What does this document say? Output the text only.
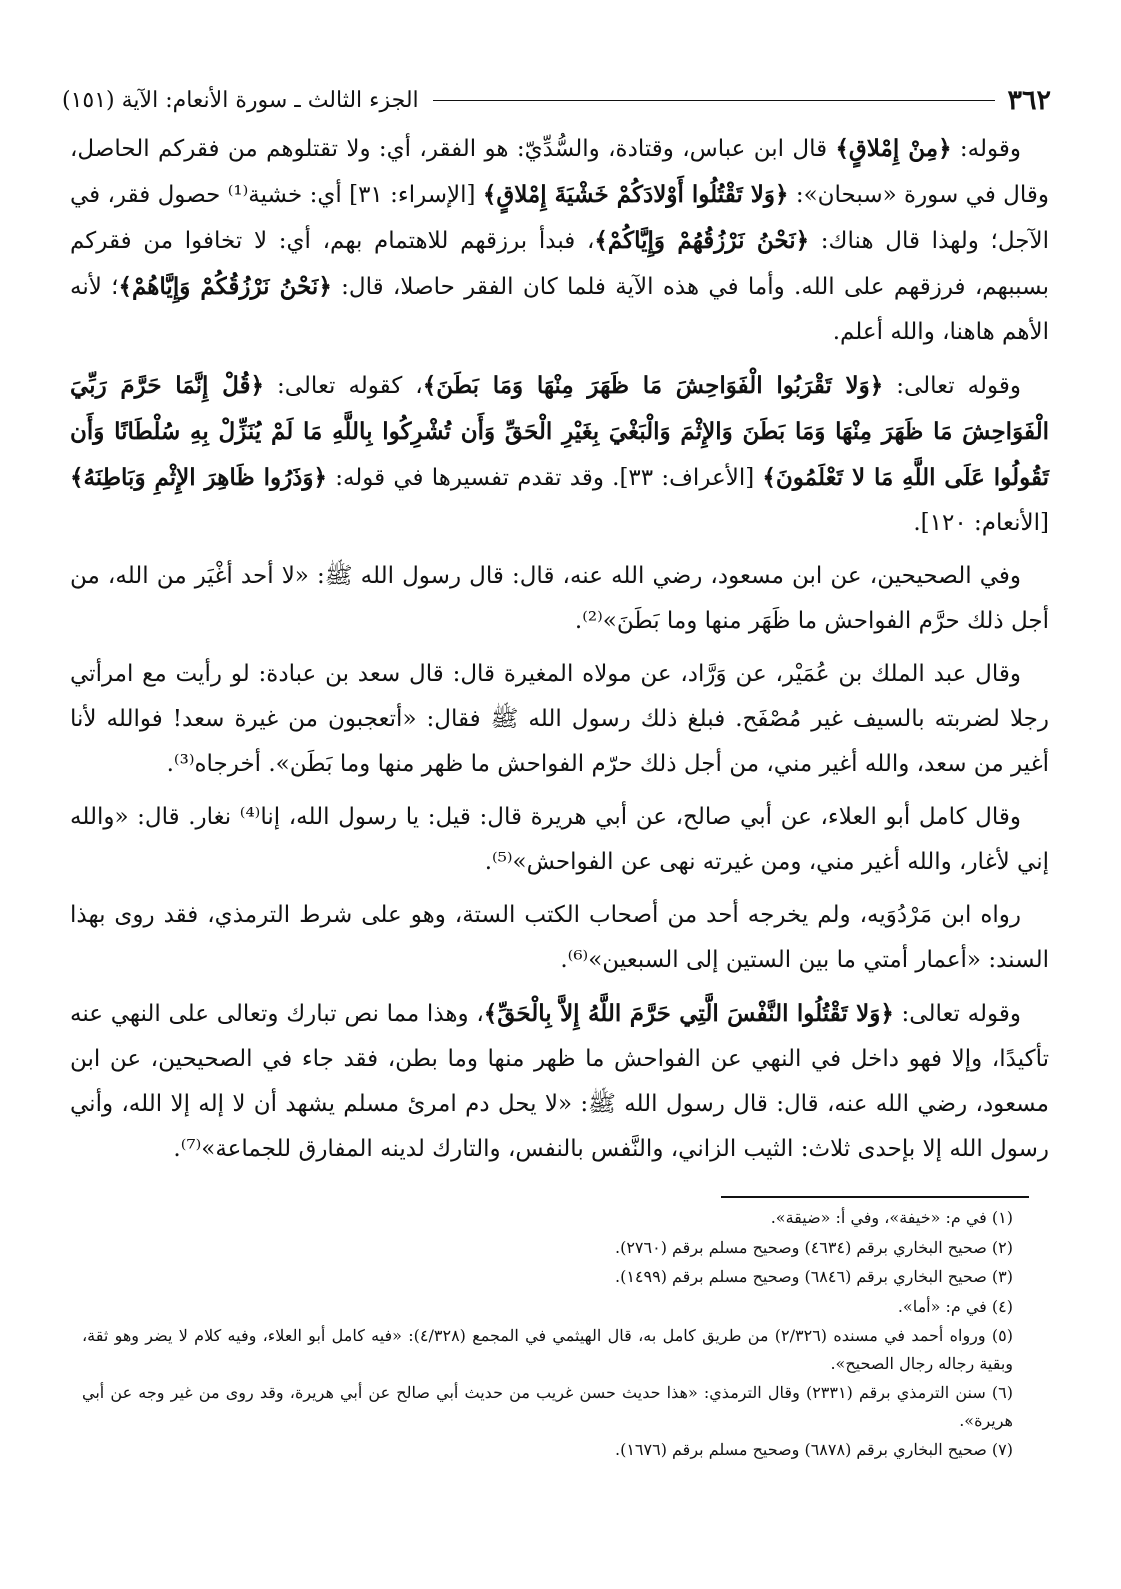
٣٦٢
الجزء الثالث ـ سورة الأنعام: الآية (١٥١)

وقوله: ﴿مِنْ إِمْلاقٍ﴾ قال ابن عباس، وقتادة، والسُّدِّيّ: هو الفقر، أي: ولا تقتلوهم من فقركم الحاصل، وقال في سورة «سبحان»: ﴿وَلا تَقْتُلُوا أَوْلادَكُمْ خَشْيَةَ إِمْلاقٍ﴾ [الإسراء: ٣١] أي: خشية⁽¹⁾ حصول فقر، في الآجل؛ ولهذا قال هناك: ﴿نَحْنُ نَرْزُقُهُمْ وَإِيَّاكُمْ﴾، فبدأ برزقهم للاهتمام بهم، أي: لا تخافوا من فقركم بسببهم، فرزقهم على الله. وأما في هذه الآية فلما كان الفقر حاصلا، قال: ﴿نَحْنُ نَرْزُقُكُمْ وَإِيَّاهُمْ﴾؛ لأنه الأهم هاهنا، والله أعلم.

وقوله تعالى: ﴿وَلا تَقْرَبُوا الْفَوَاحِشَ مَا ظَهَرَ مِنْهَا وَمَا بَطَنَ﴾، كقوله تعالى: ﴿قُلْ إِنَّمَا حَرَّمَ رَبِّيَ الْفَوَاحِشَ مَا ظَهَرَ مِنْهَا وَمَا بَطَنَ وَالإِثْمَ وَالْبَغْيَ بِغَيْرِ الْحَقِّ وَأَن تُشْرِكُوا بِاللَّهِ مَا لَمْ يُنَزِّلْ بِهِ سُلْطَانًا وَأَن تَقُولُوا عَلَى اللَّهِ مَا لا تَعْلَمُونَ﴾ [الأعراف: ٣٣]. وقد تقدم تفسيرها في قوله: ﴿وَذَرُوا ظَاهِرَ الإِثْمِ وَبَاطِنَهُ﴾ [الأنعام: ١٢٠].

وفي الصحيحين، عن ابن مسعود، رضي الله عنه، قال: قال رسول الله ﷺ: «لا أحد أغْيَر من الله، من أجل ذلك حرَّم الفواحش ما ظَهَر منها وما بَطَنَ»⁽²⁾.

وقال عبد الملك بن عُمَيْر، عن وَرَّاد، عن مولاه المغيرة قال: قال سعد بن عبادة: لو رأيت مع امرأتي رجلا لضربته بالسيف غير مُصْفَح. فبلغ ذلك رسول الله ﷺ فقال: «أتعجبون من غيرة سعد! فوالله لأنا أغير من سعد، والله أغير مني، من أجل ذلك حرّم الفواحش ما ظهر منها وما بَطَن». أخرجاه⁽³⁾.

وقال كامل أبو العلاء، عن أبي صالح، عن أبي هريرة قال: قيل: يا رسول الله، إنا⁽⁴⁾ نغار. قال: «والله إني لأغار، والله أغير مني، ومن غيرته نهى عن الفواحش»⁽⁵⁾.

رواه ابن مَرْدُوَيه، ولم يخرجه أحد من أصحاب الكتب الستة، وهو على شرط الترمذي، فقد روى بهذا السند: «أعمار أمتي ما بين الستين إلى السبعين»⁽⁶⁾.

وقوله تعالى: ﴿وَلا تَقْتُلُوا النَّفْسَ الَّتِي حَرَّمَ اللَّهُ إِلاَّ بِالْحَقِّ﴾، وهذا مما نص تبارك وتعالى على النهي عنه تأكيدًا، وإلا فهو داخل في النهي عن الفواحش ما ظهر منها وما بطن، فقد جاء في الصحيحين، عن ابن مسعود، رضي الله عنه، قال: قال رسول الله ﷺ: «لا يحل دم امرئ مسلم يشهد أن لا إله إلا الله، وأني رسول الله إلا بإحدى ثلاث: الثيب الزاني، والنَّفس بالنفس، والتارك لدينه المفارق للجماعة»⁽⁷⁾.

(١) في م: «خيفة»، وفي أ: «ضيقة».
(٢) صحيح البخاري برقم (٤٦٣٤) وصحيح مسلم برقم (٢٧٦٠).
(٣) صحيح البخاري برقم (٦٨٤٦) وصحيح مسلم برقم (١٤٩٩).
(٤) في م: «أما».
(٥) ورواه أحمد في مسنده (٢/٣٢٦) من طريق كامل به، قال الهيثمي في المجمع (٤/٣٢٨): «فيه كامل أبو العلاء، وفيه كلام لا يضر وهو ثقة، وبقية رجاله رجال الصحيح».
(٦) سنن الترمذي برقم (٢٣٣١) وقال الترمذي: «هذا حديث حسن غريب من حديث أبي صالح عن أبي هريرة، وقد روى من غير وجه عن أبي هريرة».
(٧) صحيح البخاري برقم (٦٨٧٨) وصحيح مسلم برقم (١٦٧٦).
